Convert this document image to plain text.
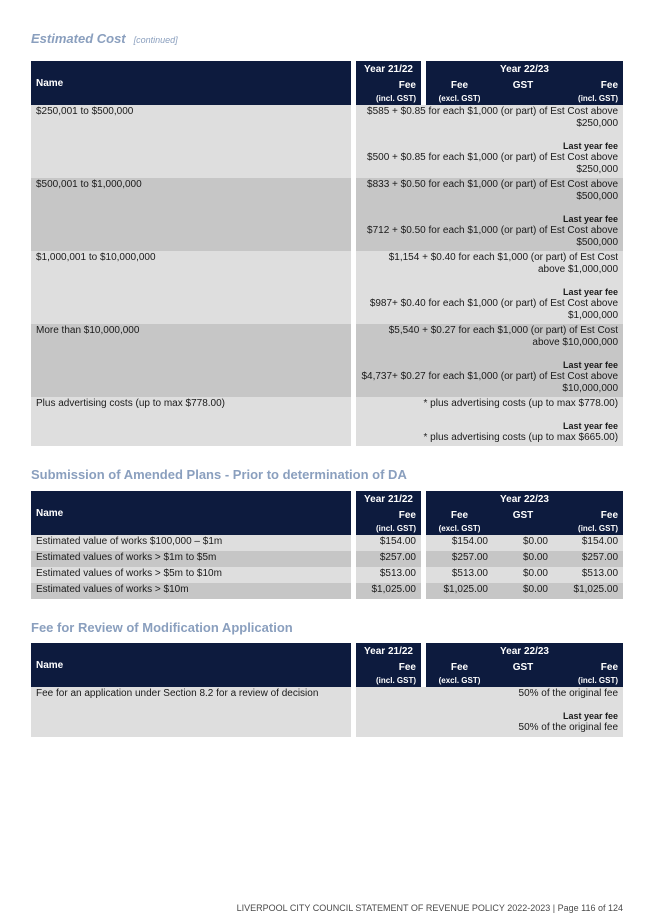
Estimated Cost [continued]
Name	Year 21/22	Year 22/23		
	Fee	Fee	GST	Fee
	(incl. GST)	(excl. GST)		(incl. GST)
$250,001 to $500,000	$585 + $0.85 for each $1,000 (or part) of Est Cost above $250,000
Last year fee
$500 + $0.85 for each $1,000 (or part) of Est Cost above $250,000			
$500,001 to $1,000,000	$833 + $0.50 for each $1,000 (or part) of Est Cost above $500,000
Last year fee
$712 + $0.50 for each $1,000 (or part) of Est Cost above $500,000			
$1,000,001 to $10,000,000	$1,154 + $0.40 for each $1,000 (or part) of Est Cost above $1,000,000
Last year fee
$987+ $0.40 for each $1,000 (or part) of Est Cost above $1,000,000			
More than $10,000,000	$5,540 + $0.27 for each $1,000 (or part) of Est Cost above $10,000,000
Last year fee
$4,737+ $0.27 for each $1,000 (or part) of Est Cost above $10,000,000			
Plus advertising costs (up to max $778.00)	* plus advertising costs (up to max $778.00)
Last year fee
* plus advertising costs (up to max $665.00)			
Submission of Amended Plans - Prior to determination of DA
Name	Year 21/22	Year 22/23		
	Fee	Fee	GST	Fee
	(incl. GST)	(excl. GST)		(incl. GST)
Estimated value of works $100,000 – $1m	$154.00	$154.00	$0.00	$154.00
Estimated values of works > $1m to $5m	$257.00	$257.00	$0.00	$257.00
Estimated values of works > $5m to $10m	$513.00	$513.00	$0.00	$513.00
Estimated values of works > $10m	$1,025.00	$1,025.00	$0.00	$1,025.00
Fee for Review of Modification Application
Name	Year 21/22	Year 22/23		
	Fee	Fee	GST	Fee
	(incl. GST)	(excl. GST)		(incl. GST)
Fee for an application under Section 8.2 for a review of decision	50% of the original fee
Last year fee
50% of the original fee			
LIVERPOOL CITY COUNCIL STATEMENT OF REVENUE POLICY 2022-2023 | Page 116 of 124
